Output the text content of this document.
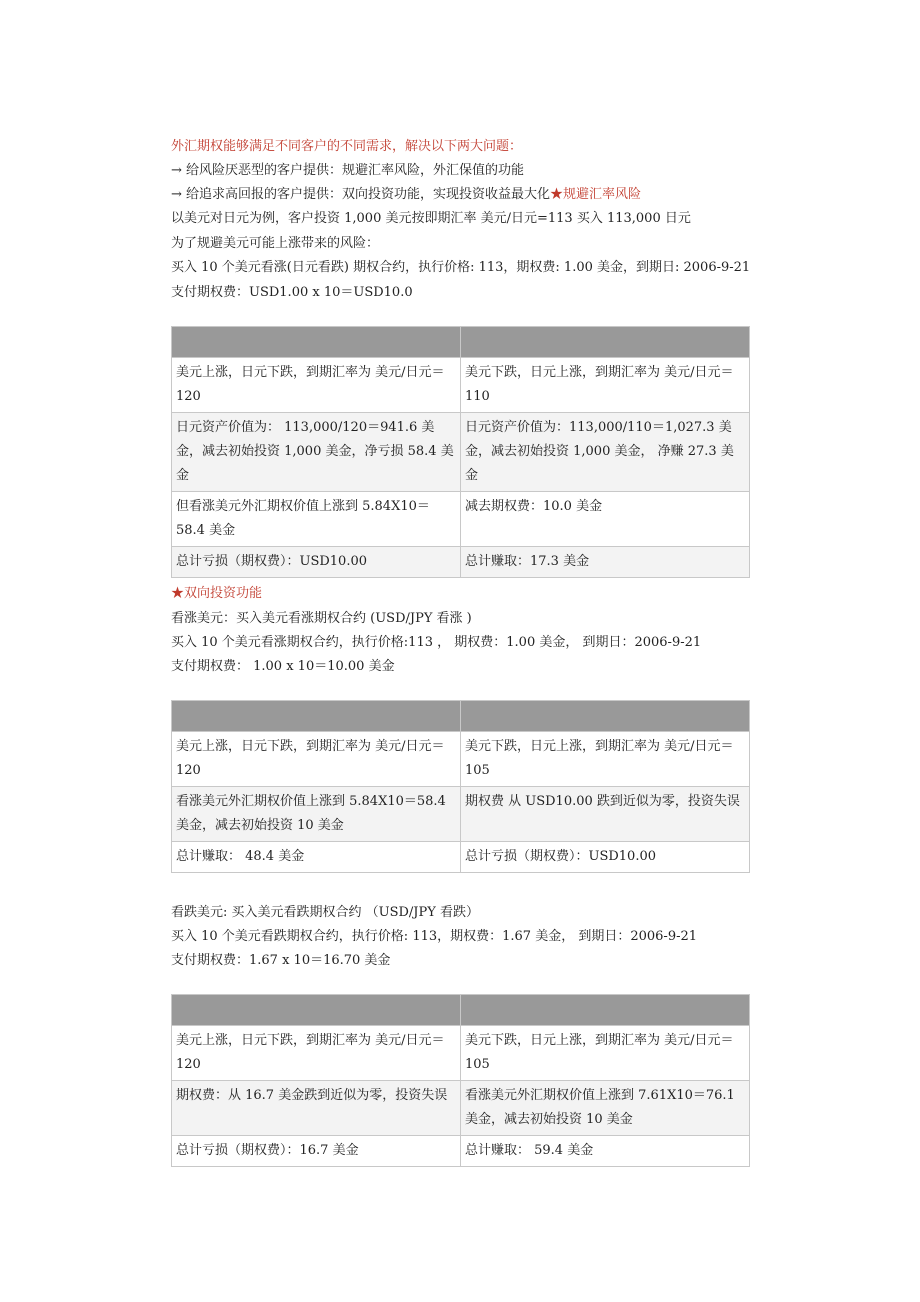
外汇期权能够满足不同客户的不同需求，解决以下两大问题：
→ 给风险厌恶型的客户提供：规避汇率风险，外汇保值的功能
→ 给追求高回报的客户提供：双向投资功能，实现投资收益最大化★规避汇率风险
以美元对日元为例，客户投资 1,000 美元按即期汇率 美元/日元=113 买入 113,000 日元
为了规避美元可能上涨带来的风险：
买入 10 个美元看涨(日元看跌) 期权合约，执行价格: 113，期权费: 1.00 美金，到期日: 2006-9-21
支付期权费：USD1.00 x 10＝USD10.0

美元上涨，日元下跌，到期汇率为 美元/日元＝120	美元下跌，日元上涨，到期汇率为 美元/日元＝110
日元资产价值为： 113,000/120＝941.6 美金，减去初始投资 1,000 美金，净亏损 58.4 美金	日元资产价值为：113,000/110＝1,027.3 美金，减去初始投资 1,000 美金， 净赚 27.3 美金
但看涨美元外汇期权价值上涨到 5.84X10＝58.4 美金	减去期权费：10.0 美金
总计亏损（期权费）：USD10.00	总计赚取：17.3 美金
★双向投资功能
看涨美元：买入美元看涨期权合约 (USD/JPY 看涨 )
买入 10 个美元看涨期权合约，执行价格:113 ， 期权费：1.00 美金， 到期日：2006-9-21
支付期权费： 1.00 x 10＝10.00 美金

美元上涨，日元下跌，到期汇率为 美元/日元＝120	美元下跌，日元上涨，到期汇率为 美元/日元＝105
看涨美元外汇期权价值上涨到 5.84X10＝58.4 美金，减去初始投资 10 美金	期权费 从 USD10.00 跌到近似为零，投资失误
总计赚取： 48.4 美金	总计亏损（期权费）：USD10.00
看跌美元: 买入美元看跌期权合约 （USD/JPY 看跌）
买入 10 个美元看跌期权合约，执行价格: 113，期权费：1.67 美金， 到期日：2006-9-21
支付期权费：1.67 x 10＝16.70 美金

美元上涨，日元下跌，到期汇率为 美元/日元＝120	美元下跌，日元上涨，到期汇率为 美元/日元＝105
期权费：从 16.7 美金跌到近似为零，投资失误	看涨美元外汇期权价值上涨到 7.61X10＝76.1 美金，减去初始投资 10 美金
总计亏损（期权费）：16.7 美金	总计赚取： 59.4 美金
